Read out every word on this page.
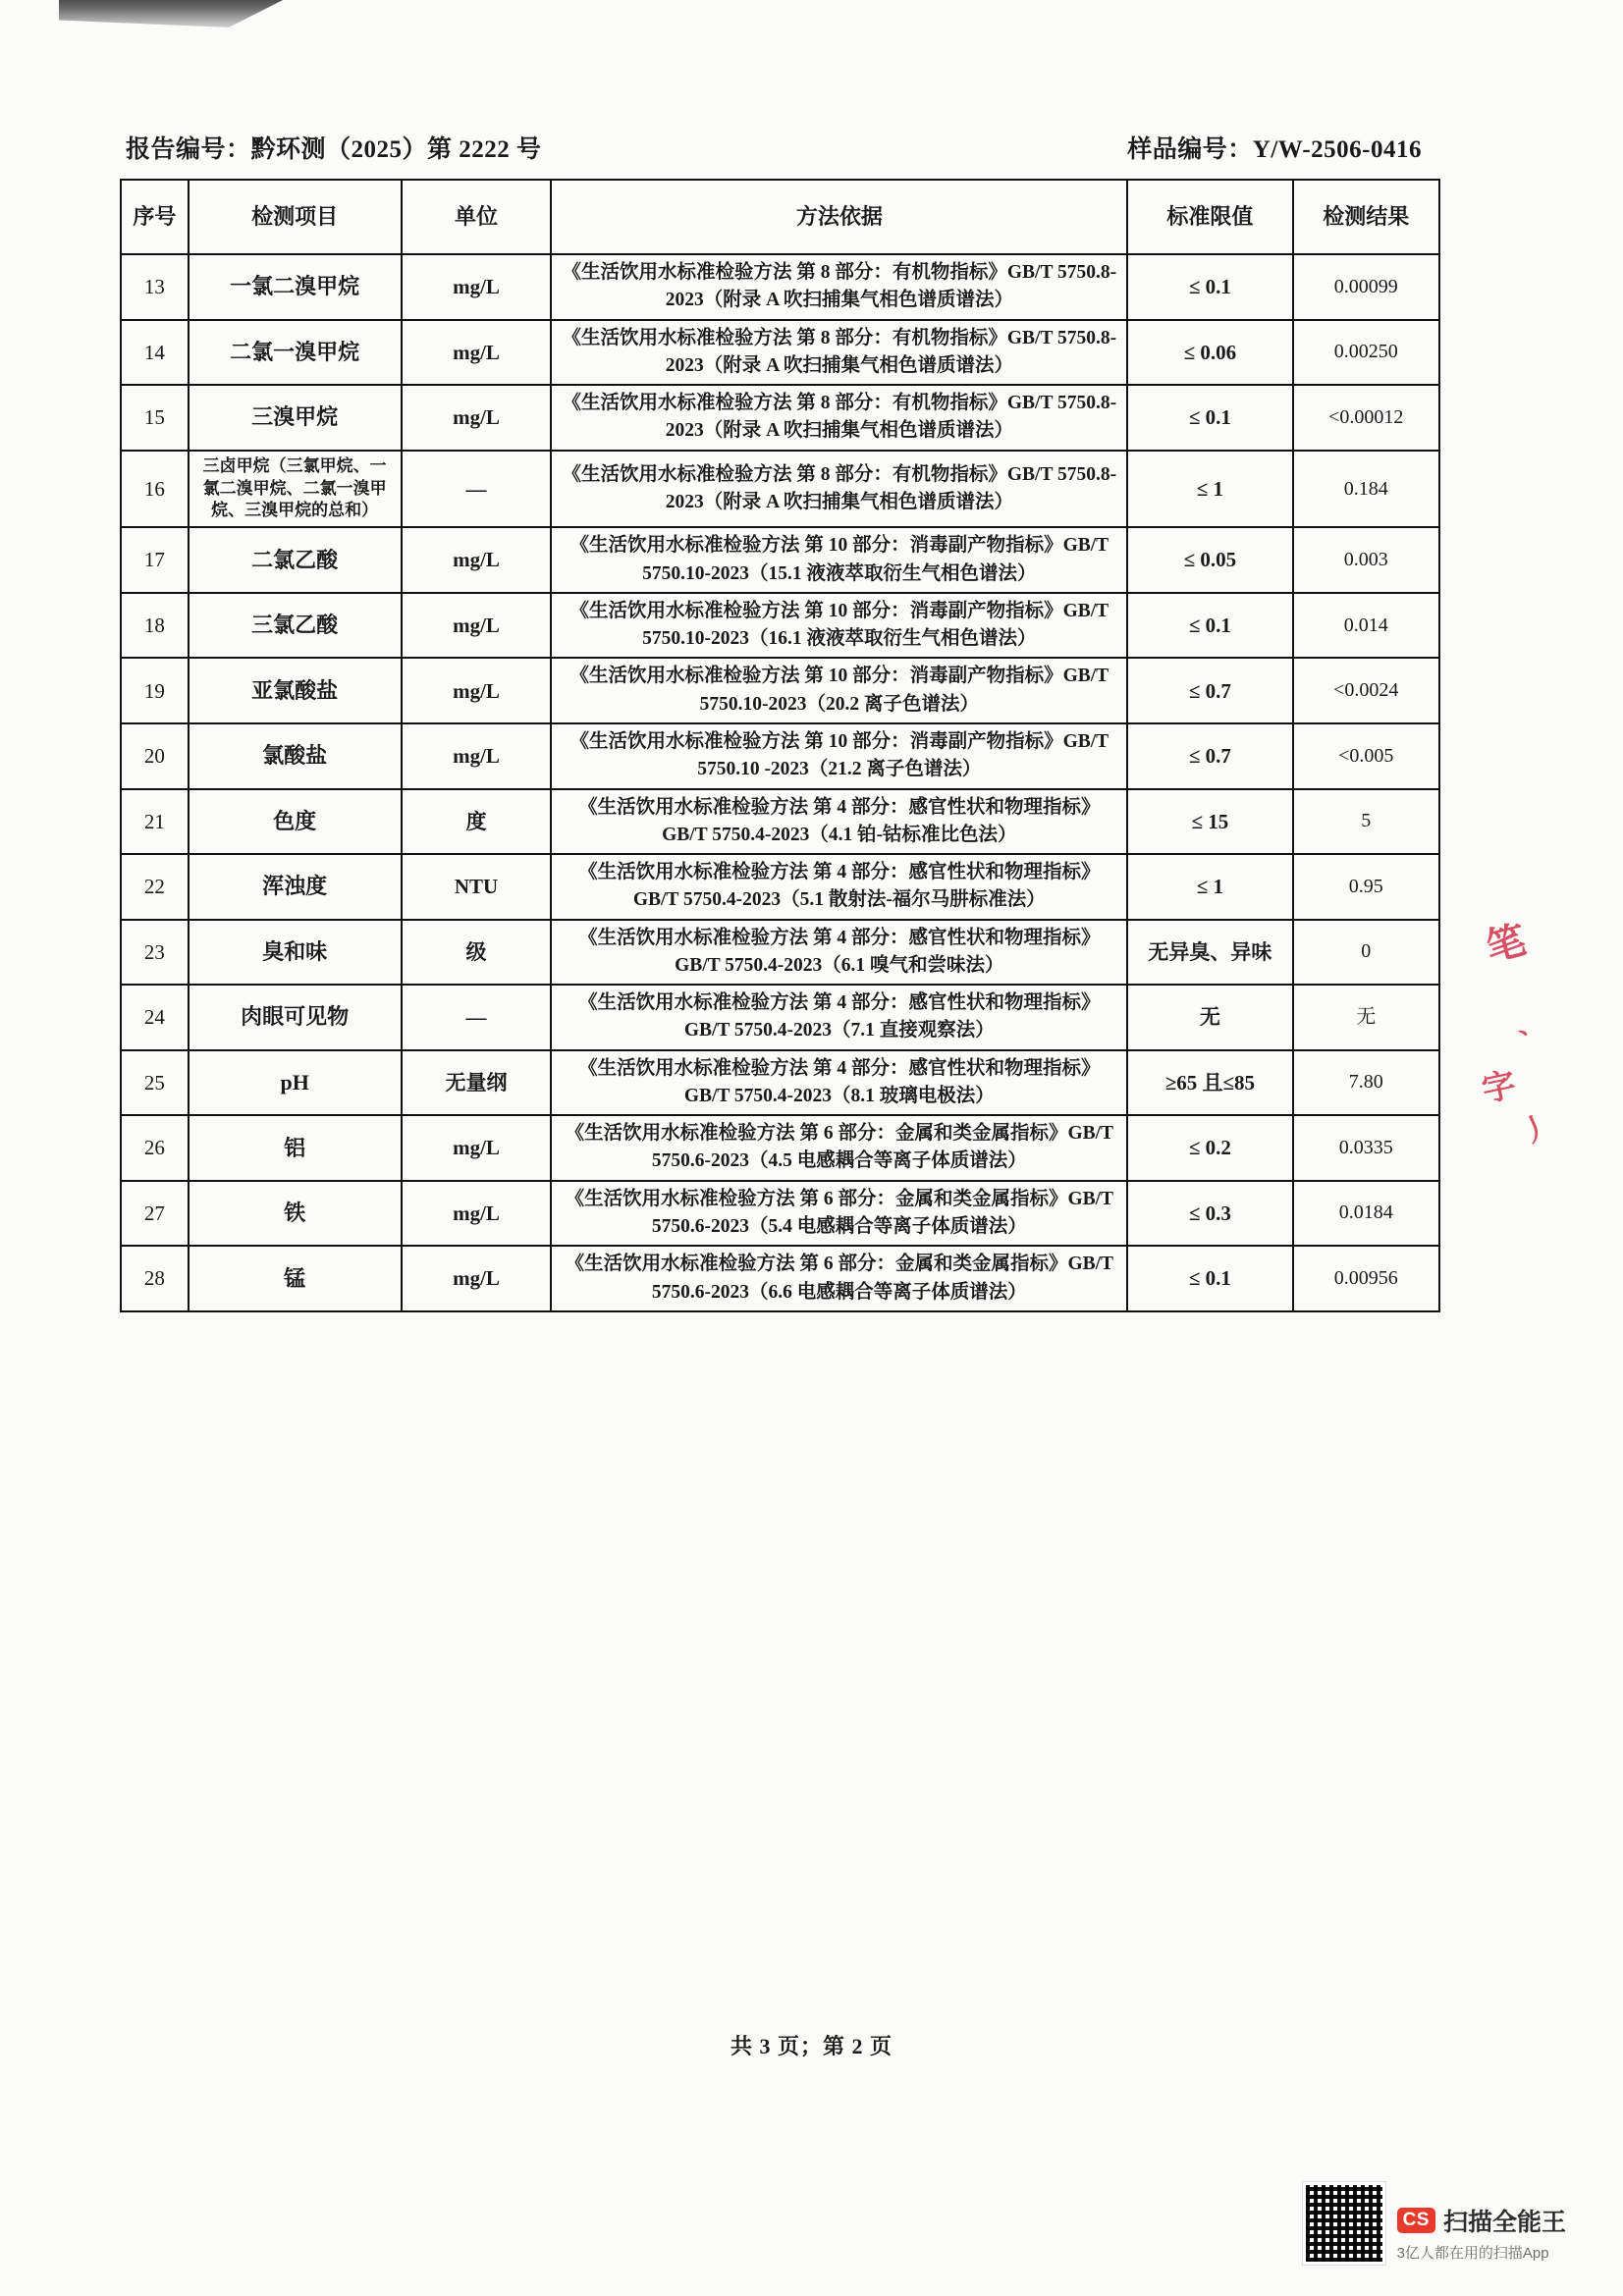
报告编号：黔环测（2025）第 2222 号	样品编号：Y/W-2506-0416
序号	检测项目	单位	方法依据	标准限值	检测结果
13	一氯二溴甲烷	mg/L	《生活饮用水标准检验方法 第 8 部分：有机物指标》GB/T 5750.8-2023（附录 A 吹扫捕集气相色谱质谱法）	≤ 0.1	0.00099
14	二氯一溴甲烷	mg/L	《生活饮用水标准检验方法 第 8 部分：有机物指标》GB/T 5750.8-2023（附录 A 吹扫捕集气相色谱质谱法）	≤ 0.06	0.00250
15	三溴甲烷	mg/L	《生活饮用水标准检验方法 第 8 部分：有机物指标》GB/T 5750.8-2023（附录 A 吹扫捕集气相色谱质谱法）	≤ 0.1	<0.00012
16	三卤甲烷（三氯甲烷、一氯二溴甲烷、二氯一溴甲烷、三溴甲烷的总和）	—	《生活饮用水标准检验方法 第 8 部分：有机物指标》GB/T 5750.8-2023（附录 A 吹扫捕集气相色谱质谱法）	≤ 1	0.184
17	二氯乙酸	mg/L	《生活饮用水标准检验方法 第 10 部分：消毒副产物指标》GB/T 5750.10-2023（15.1 液液萃取衍生气相色谱法）	≤ 0.05	0.003
18	三氯乙酸	mg/L	《生活饮用水标准检验方法 第 10 部分：消毒副产物指标》GB/T 5750.10-2023（16.1 液液萃取衍生气相色谱法）	≤ 0.1	0.014
19	亚氯酸盐	mg/L	《生活饮用水标准检验方法 第 10 部分：消毒副产物指标》GB/T 5750.10-2023（20.2 离子色谱法）	≤ 0.7	<0.0024
20	氯酸盐	mg/L	《生活饮用水标准检验方法 第 10 部分：消毒副产物指标》GB/T 5750.10 -2023（21.2 离子色谱法）	≤ 0.7	<0.005
21	色度	度	《生活饮用水标准检验方法 第 4 部分：感官性状和物理指标》GB/T 5750.4-2023（4.1 铂-钴标准比色法）	≤ 15	5
22	浑浊度	NTU	《生活饮用水标准检验方法 第 4 部分：感官性状和物理指标》GB/T 5750.4-2023（5.1 散射法-福尔马肼标准法）	≤ 1	0.95
23	臭和味	级	《生活饮用水标准检验方法 第 4 部分：感官性状和物理指标》GB/T 5750.4-2023（6.1 嗅气和尝味法）	无异臭、异味	0
24	肉眼可见物	—	《生活饮用水标准检验方法 第 4 部分：感官性状和物理指标》GB/T 5750.4-2023（7.1 直接观察法）	无	无
25	pH	无量纲	《生活饮用水标准检验方法 第 4 部分：感官性状和物理指标》GB/T 5750.4-2023（8.1 玻璃电极法）	≥65 且≤85	7.80
26	铝	mg/L	《生活饮用水标准检验方法 第 6 部分：金属和类金属指标》GB/T 5750.6-2023（4.5 电感耦合等离子体质谱法）	≤ 0.2	0.0335
27	铁	mg/L	《生活饮用水标准检验方法 第 6 部分：金属和类金属指标》GB/T 5750.6-2023（5.4 电感耦合等离子体质谱法）	≤ 0.3	0.0184
28	锰	mg/L	《生活饮用水标准检验方法 第 6 部分：金属和类金属指标》GB/T 5750.6-2023（6.6 电感耦合等离子体质谱法）	≤ 0.1	0.00956
共 3 页；第 2 页
笔
、
字
丿
CS 扫描全能王
3亿人都在用的扫描App
